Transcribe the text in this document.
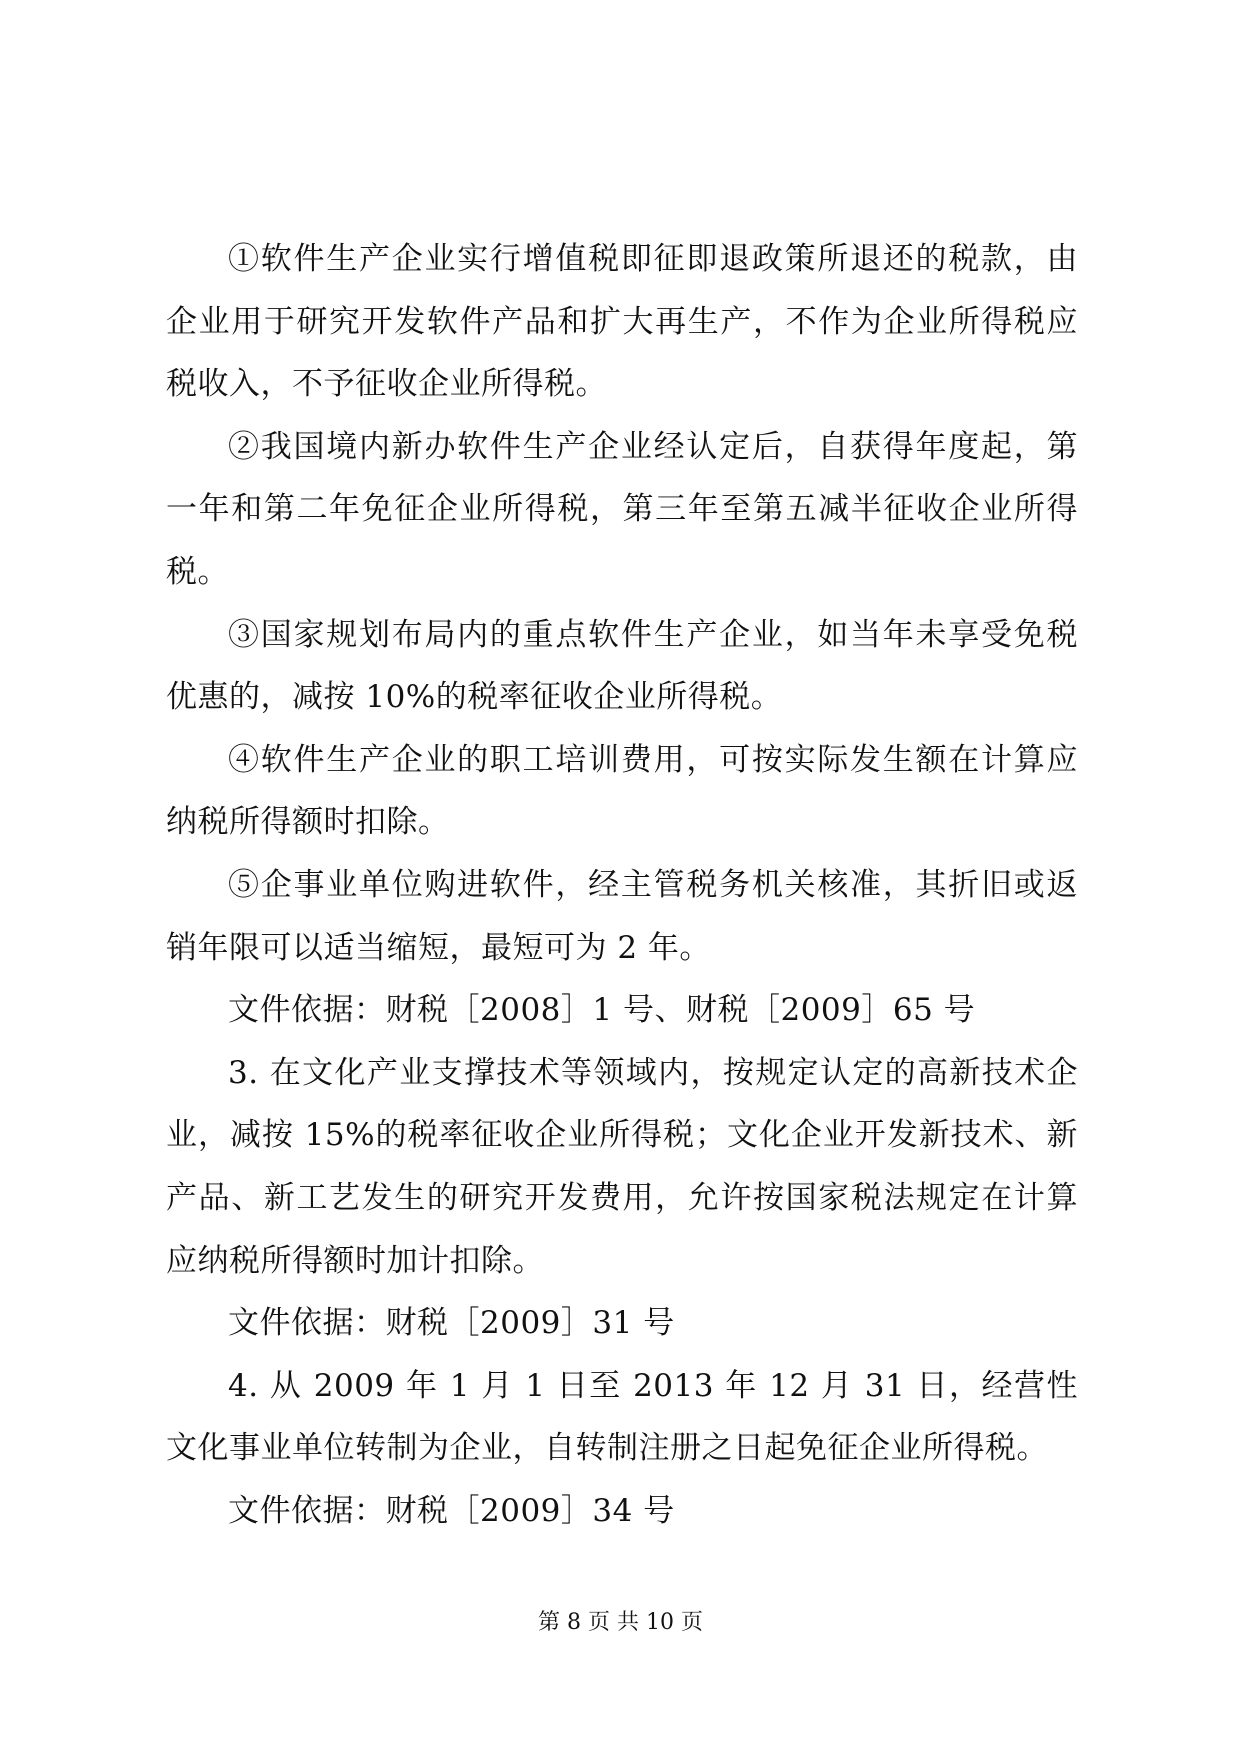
①软件生产企业实行增值税即征即退政策所退还的税款，由企业用于研究开发软件产品和扩大再生产，不作为企业所得税应税收入，不予征收企业所得税。

②我国境内新办软件生产企业经认定后，自获得年度起，第一年和第二年免征企业所得税，第三年至第五减半征收企业所得税。

③国家规划布局内的重点软件生产企业，如当年未享受免税优惠的，减按 10%的税率征收企业所得税。

④软件生产企业的职工培训费用，可按实际发生额在计算应纳税所得额时扣除。

⑤企事业单位购进软件，经主管税务机关核准，其折旧或返销年限可以适当缩短，最短可为 2 年。

文件依据：财税［2008］1 号、财税［2009］65 号

3. 在文化产业支撑技术等领域内，按规定认定的高新技术企业，减按 15%的税率征收企业所得税；文化企业开发新技术、新产品、新工艺发生的研究开发费用，允许按国家税法规定在计算应纳税所得额时加计扣除。

文件依据：财税［2009］31 号

4. 从 2009 年 1 月 1 日至 2013 年 12 月 31 日，经营性文化事业单位转制为企业，自转制注册之日起免征企业所得税。

文件依据：财税［2009］34 号

第 8 页 共 10 页
